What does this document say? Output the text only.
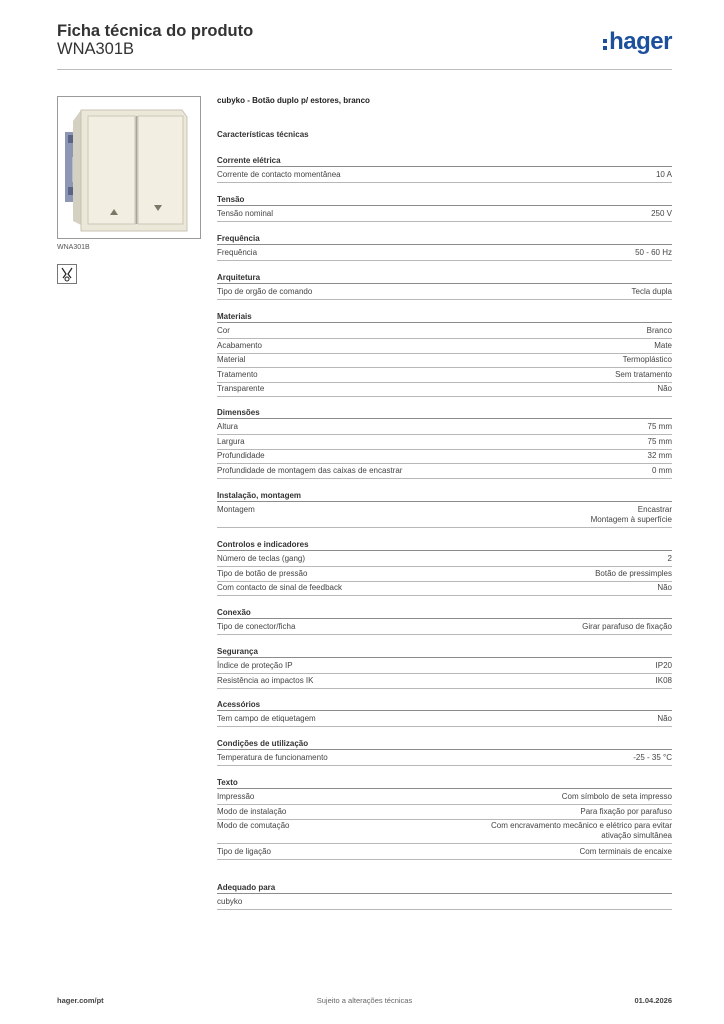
Ficha técnica do produto
WNA301B	hager
WNA301B
cubyko - Botão duplo p/ estores, branco
Características técnicas
Corrente elétrica
Corrente de contacto momentânea	10 A
Tensão
Tensão nominal	250 V
Frequência
Frequência	50 - 60 Hz
Arquitetura
Tipo de orgão de comando	Tecla dupla
Materiais
Cor	Branco
Acabamento	Mate
Material	Termoplástico
Tratamento	Sem tratamento
Transparente	Não
Dimensões
Altura	75 mm
Largura	75 mm
Profundidade	32 mm
Profundidade de montagem das caixas de encastrar	0 mm
Instalação, montagem
Montagem	Encastrar
Montagem à superfície
Controlos e indicadores
Número de teclas (gang)	2
Tipo de botão de pressão	Botão de pressimples
Com contacto de sinal de feedback	Não
Conexão
Tipo de conector/ficha	Girar parafuso de fixação
Segurança
Índice de proteção IP	IP20
Resistência ao impactos IK	IK08
Acessórios
Tem campo de etiquetagem	Não
Condições de utilização
Temperatura de funcionamento	-25 - 35 °C
Texto
Impressão	Com símbolo de seta impresso
Modo de instalação	Para fixação por parafuso
Modo de comutação	Com encravamento mecânico e elétrico para evitar
ativação simultânea
Tipo de ligação	Com terminais de encaixe
Adequado para
cubyko
hager.com/pt	Sujeito a alterações técnicas	01.04.2026
